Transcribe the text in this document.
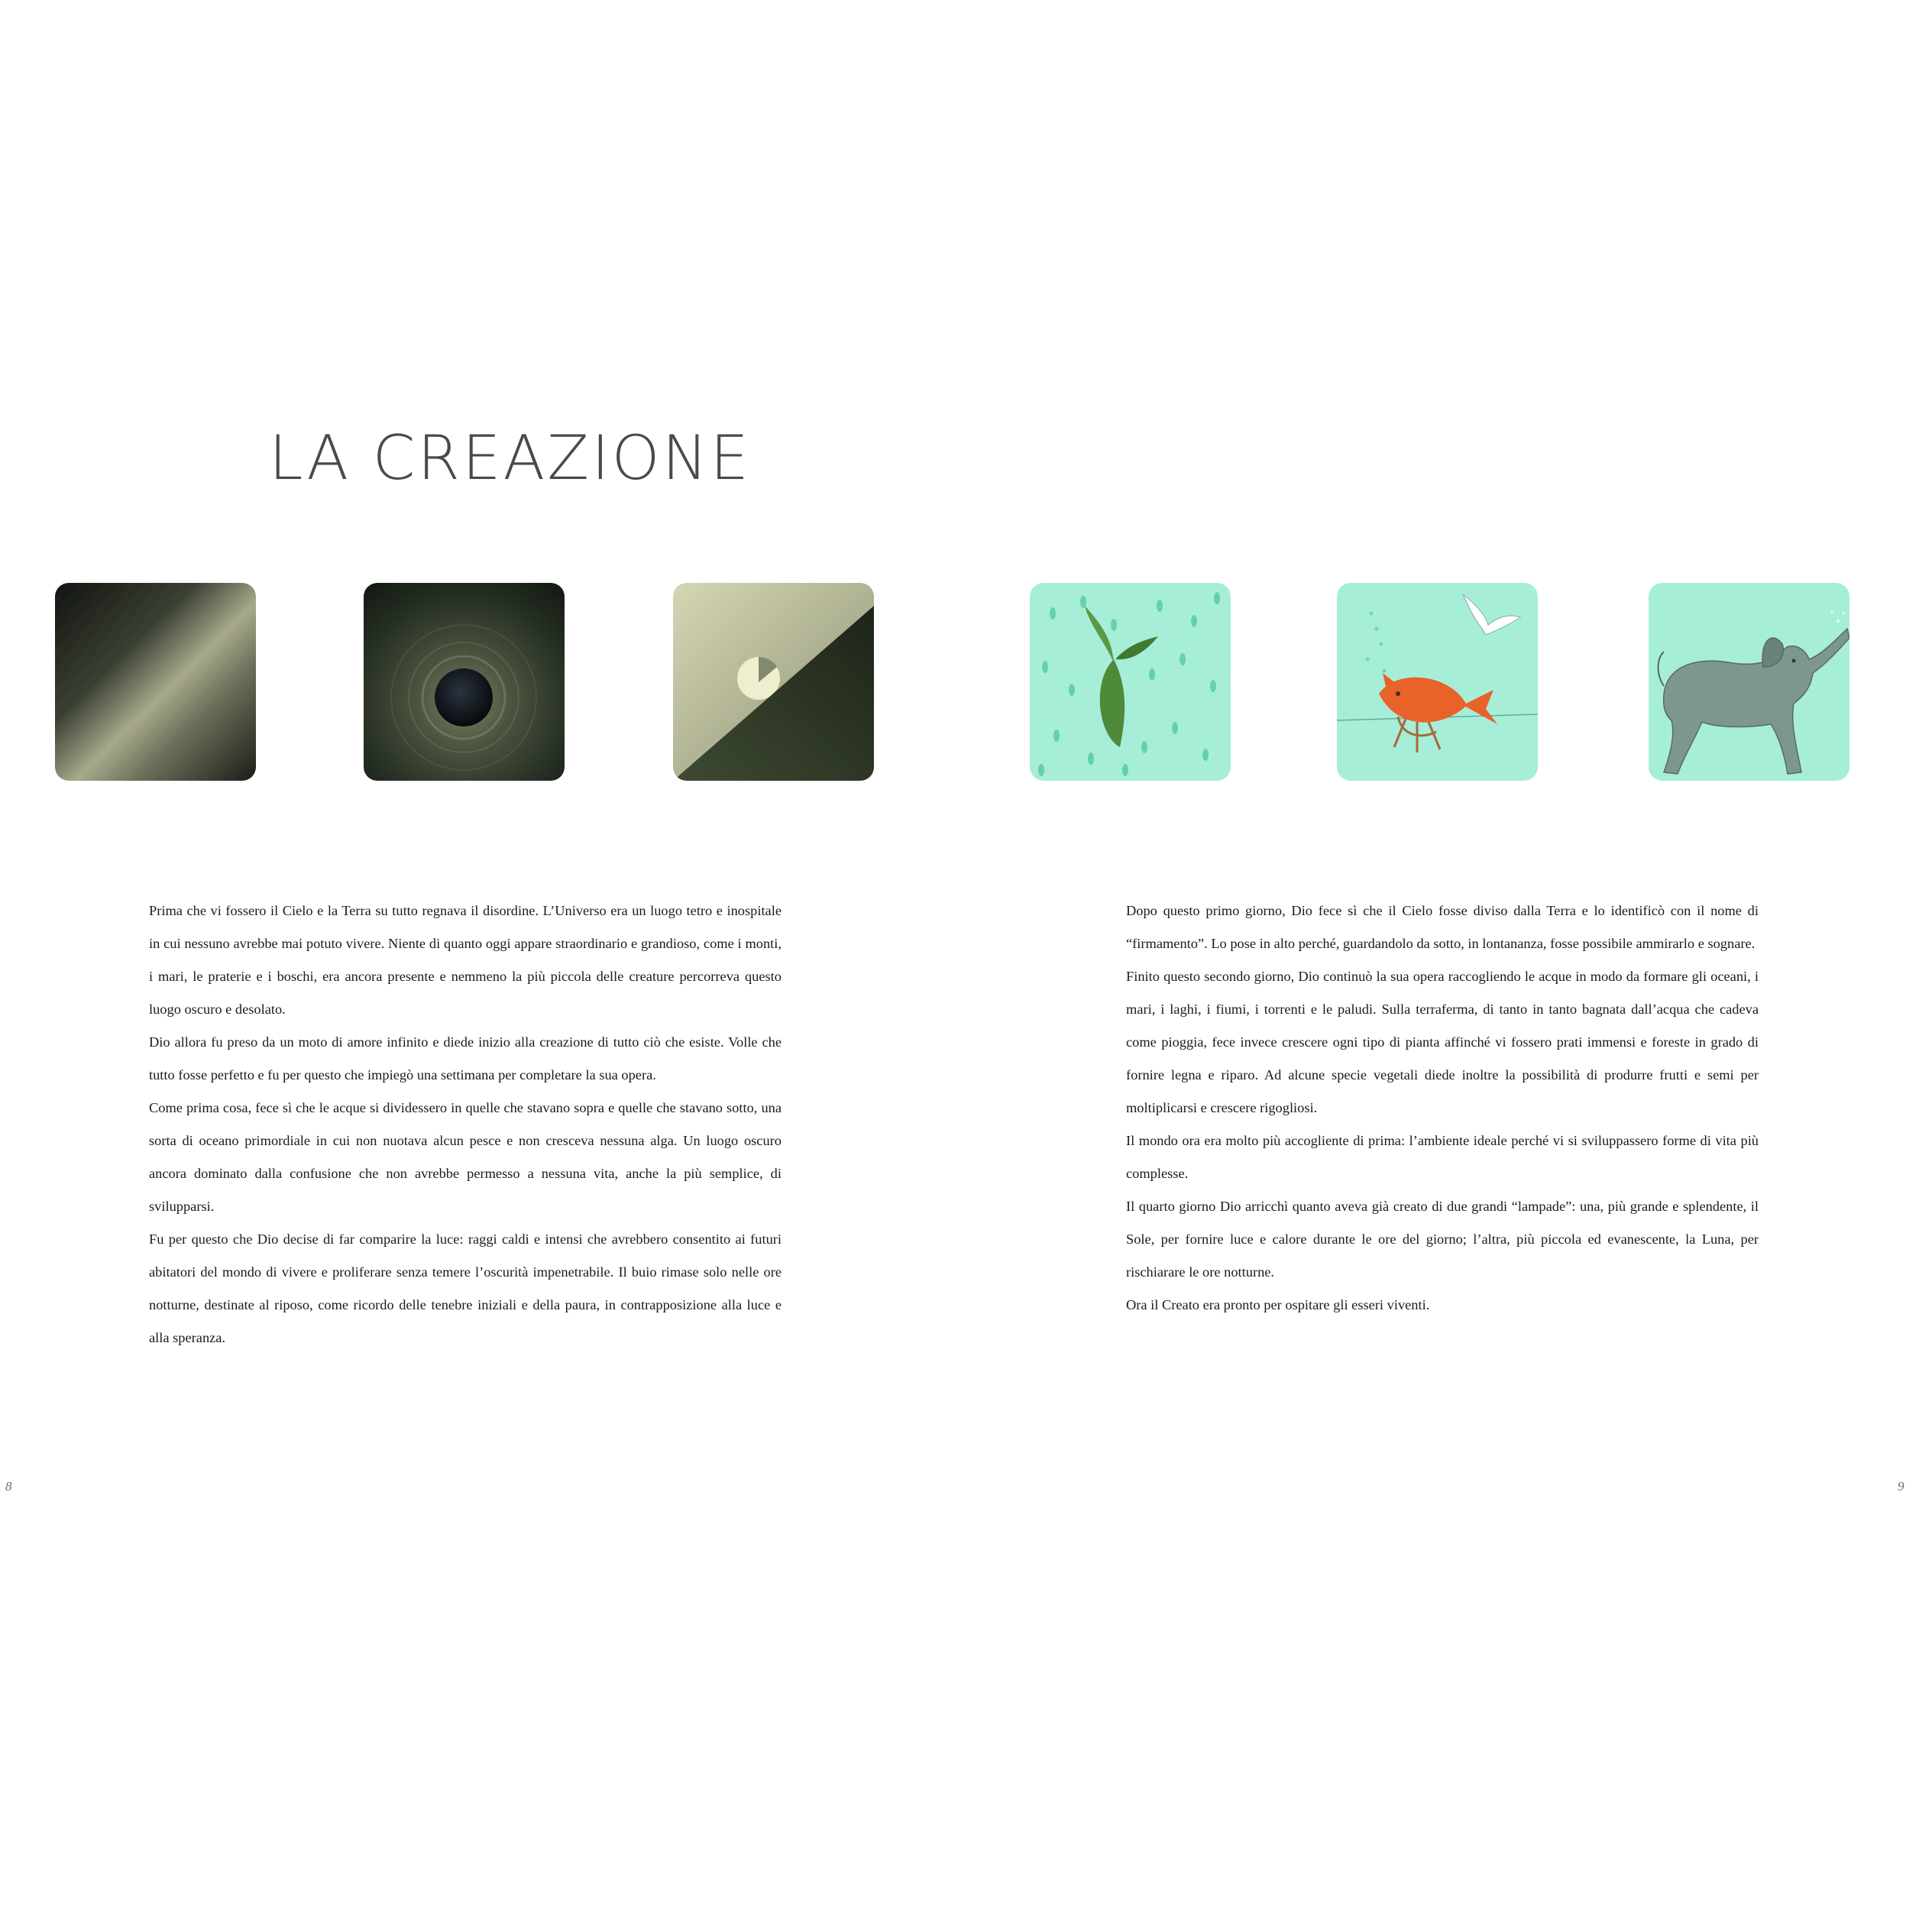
LA CREAZIONE

Prima che vi fossero il Cielo e la Terra su tutto regnava il disordine. L’Universo era un luogo tetro e inospitale in cui nessuno avrebbe mai potuto vivere. Niente di quanto oggi appare straordinario e grandioso, come i monti, i mari, le praterie e i boschi, era ancora presente e nemmeno la più piccola delle creature percorreva questo luogo oscuro e desolato.

Dio allora fu preso da un moto di amore infinito e diede inizio alla creazione di tutto ciò che esiste. Volle che tutto fosse perfetto e fu per questo che impiegò una settimana per completare la sua opera.

Come prima cosa, fece sì che le acque si dividessero in quelle che stavano sopra e quelle che stavano sotto, una sorta di oceano primordiale in cui non nuotava alcun pesce e non cresceva nessuna alga. Un luogo oscuro ancora dominato dalla confusione che non avrebbe permesso a nessuna vita, anche la più semplice, di svilupparsi.

Fu per questo che Dio decise di far comparire la luce: raggi caldi e intensi che avrebbero consentito ai futuri abitatori del mondo di vivere e proliferare senza temere l’oscurità impenetrabile. Il buio rimase solo nelle ore notturne, destinate al riposo, come ricordo delle tenebre iniziali e della paura, in contrapposizione alla luce e alla speranza.

Dopo questo primo giorno, Dio fece sì che il Cielo fosse diviso dalla Terra e lo identificò con il nome di “firmamento”. Lo pose in alto perché, guardandolo da sotto, in lontananza, fosse possibile ammirarlo e sognare.

Finito questo secondo giorno, Dio continuò la sua opera raccogliendo le acque in modo da formare gli oceani, i mari, i laghi, i fiumi, i torrenti e le paludi. Sulla terraferma, di tanto in tanto bagnata dall’acqua che cadeva come pioggia, fece invece crescere ogni tipo di pianta affinché vi fossero prati immensi e foreste in grado di fornire legna e riparo. Ad alcune specie vegetali diede inoltre la possibilità di produrre frutti e semi per moltiplicarsi e crescere rigogliosi.

Il mondo ora era molto più accogliente di prima: l’ambiente ideale perché vi si sviluppassero forme di vita più complesse.

Il quarto giorno Dio arricchì quanto aveva già creato di due grandi “lampade”: una, più grande e splendente, il Sole, per fornire luce e calore durante le ore del giorno; l’altra, più piccola ed evanescente, la Luna, per rischiarare le ore notturne.

Ora il Creato era pronto per ospitare gli esseri viventi.

8	9
